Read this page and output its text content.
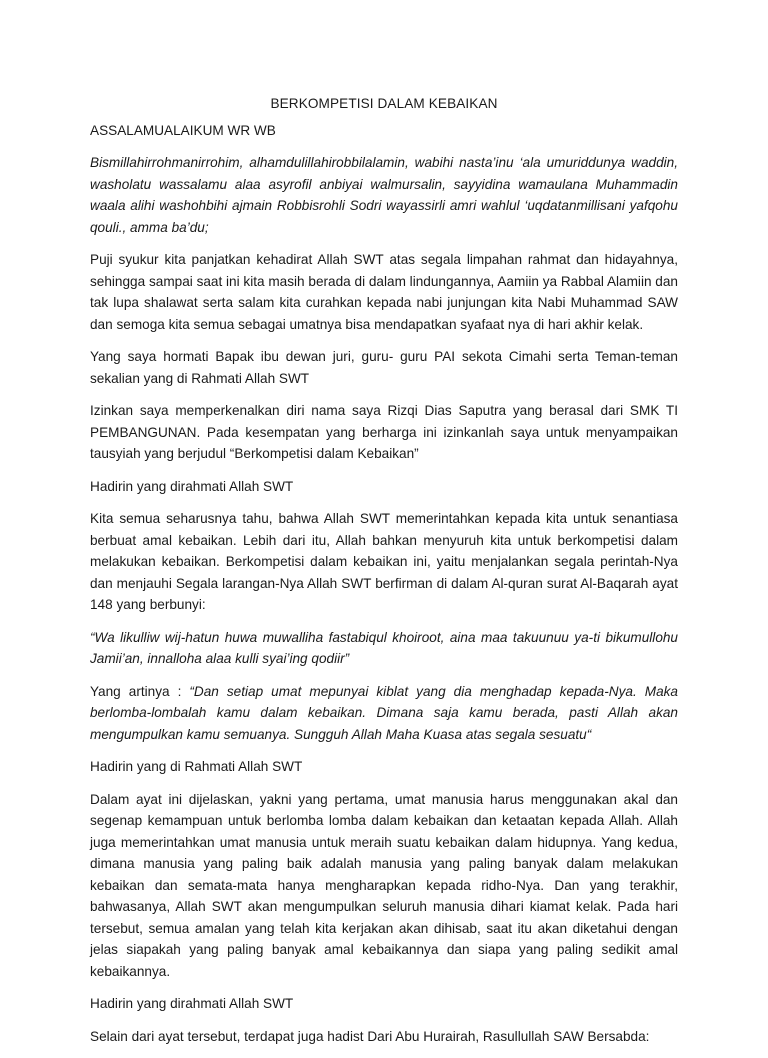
BERKOMPETISI DALAM KEBAIKAN

ASSALAMUALAIKUM WR WB

Bismillahirrohmanirrohim, alhamdulillahirobbilalamin, wabihi nasta’inu ‘ala umuriddunya waddin, washolatu wassalamu alaa asyrofil anbiyai walmursalin, sayyidina wamaulana Muhammadin waala alihi washohbihi ajmain Robbisrohli Sodri wayassirli amri wahlul ‘uqdatanmillisani yafqohu qouli., amma ba’du;

Puji syukur kita panjatkan kehadirat Allah SWT atas segala limpahan rahmat dan hidayahnya, sehingga sampai saat ini kita masih berada di dalam lindungannya, Aamiin ya Rabbal Alamiin dan tak lupa shalawat serta salam kita curahkan kepada nabi junjungan kita Nabi Muhammad SAW dan semoga kita semua sebagai umatnya bisa mendapatkan syafaat nya di hari akhir kelak.

Yang saya hormati Bapak ibu dewan juri, guru- guru PAI sekota Cimahi serta Teman-teman sekalian yang di Rahmati Allah SWT

Izinkan saya memperkenalkan diri nama saya Rizqi Dias Saputra yang berasal dari SMK TI PEMBANGUNAN. Pada kesempatan yang berharga ini izinkanlah saya untuk menyampaikan tausyiah yang berjudul “Berkompetisi dalam Kebaikan”

Hadirin yang dirahmati Allah SWT

Kita semua seharusnya tahu, bahwa Allah SWT memerintahkan kepada kita untuk senantiasa berbuat amal kebaikan. Lebih dari itu, Allah bahkan menyuruh kita untuk berkompetisi dalam melakukan kebaikan. Berkompetisi dalam kebaikan ini, yaitu menjalankan segala perintah-Nya dan menjauhi Segala larangan-Nya Allah SWT berfirman di dalam Al-quran surat Al-Baqarah ayat 148 yang berbunyi:

“Wa likulliw wij-hatun huwa muwalliha fastabiqul khoiroot, aina maa takuunuu ya-ti bikumullohu Jamii’an, innalloha alaa kulli syai’ing qodiir”

Yang artinya : “Dan setiap umat mepunyai kiblat yang dia menghadap kepada-Nya. Maka berlomba-lombalah kamu dalam kebaikan. Dimana saja kamu berada, pasti Allah akan mengumpulkan kamu semuanya. Sungguh Allah Maha Kuasa atas segala sesuatu“

Hadirin yang di Rahmati Allah SWT

Dalam ayat ini dijelaskan, yakni yang pertama, umat manusia harus menggunakan akal dan segenap kemampuan untuk berlomba lomba dalam kebaikan dan ketaatan kepada Allah. Allah juga memerintahkan umat manusia untuk meraih suatu kebaikan dalam hidupnya. Yang kedua, dimana manusia yang paling baik adalah manusia yang paling banyak dalam melakukan kebaikan dan semata-mata hanya mengharapkan kepada ridho-Nya. Dan yang terakhir, bahwasanya, Allah SWT akan mengumpulkan seluruh manusia dihari kiamat kelak. Pada hari tersebut, semua amalan yang telah kita kerjakan akan dihisab, saat itu akan diketahui dengan jelas siapakah yang paling banyak amal kebaikannya dan siapa yang paling sedikit amal kebaikannya.

Hadirin yang dirahmati Allah SWT

Selain dari ayat tersebut, terdapat juga hadist Dari Abu Hurairah, Rasullullah SAW Bersabda:
